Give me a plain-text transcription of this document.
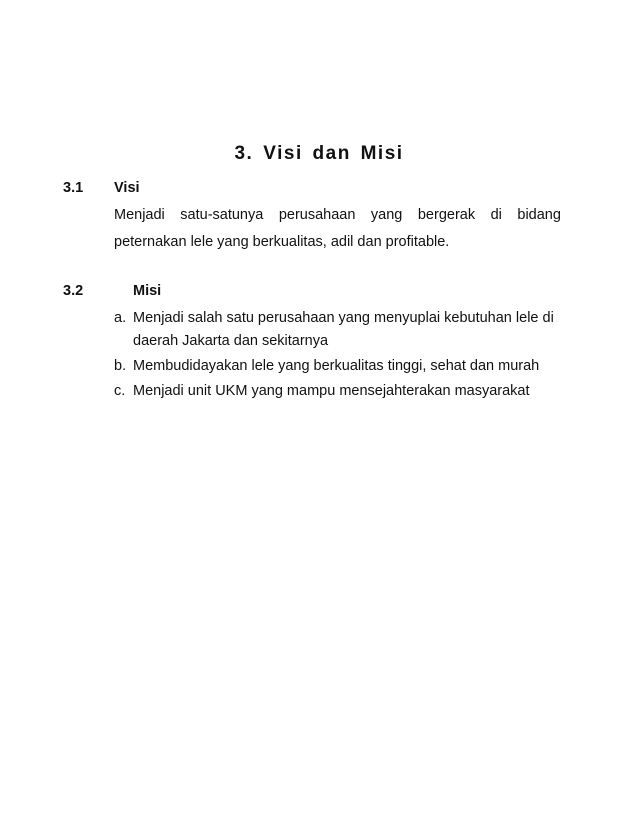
3. Visi dan Misi
3.1 Visi
Menjadi satu-satunya perusahaan yang bergerak di bidang
peternakan lele yang berkualitas, adil dan profitable.
3.2	Misi
a. Menjadi salah satu perusahaan yang menyuplai kebutuhan lele di
daerah Jakarta dan sekitarnya
b. Membudidayakan lele yang berkualitas tinggi, sehat dan murah
c. Menjadi unit UKM yang mampu mensejahterakan masyarakat
